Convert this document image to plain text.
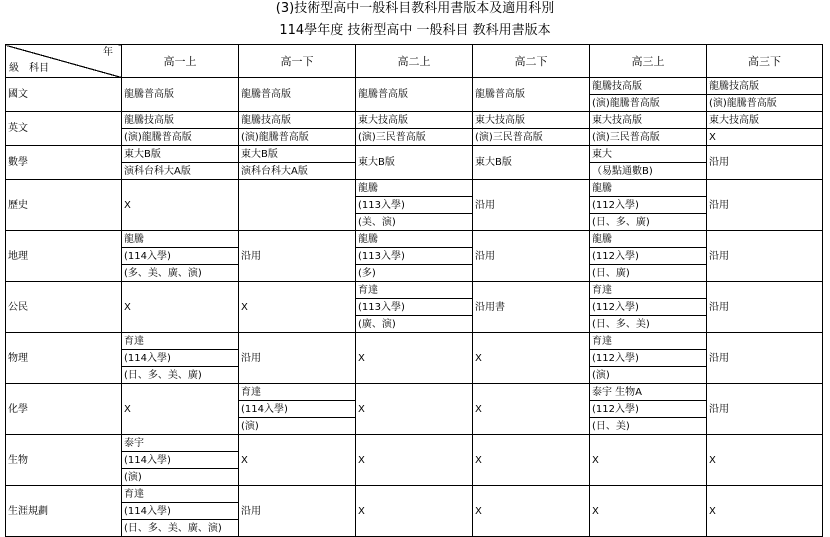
(3)技術型高中一般科目教科用書版本及適用科別
114學年度 技術型高中 一般科目 教科用書版本
年
級　科目	高一上	高一下	高二上	高二下	高三上	高三下
國文	龍騰普高版	龍騰普高版	龍騰普高版	龍騰普高版	龍騰技高版	龍騰技高版
					(演)龍騰普高版	(演)龍騰普高版
英文	龍騰技高版	龍騰技高版	東大技高版	東大技高版	東大技高版	東大技高版
	(演)龍騰普高版	(演)龍騰普高版	(演)三民普高版	(演)三民普高版	(演)三民普高版	X
數學	東大B版	東大B版	東大B版	東大B版	東大	沿用
	演科台科大A版	演科台科大A版			（易點通數B)	
歷史	X		龍騰	沿用	龍騰	沿用
			(113入學)		(112入學)	
			(美、演)		(日、多、廣)	
地理	龍騰	沿用	龍騰	沿用	龍騰	沿用
	(114入學)		(113入學)		(112入學)	
	(多、美、廣、演)		(多)		(日、廣)	
公民	X	X	育達	沿用書	育達	沿用
			(113入學)		(112入學)	
			(廣、演)		(日、多、美)	
物理	育達	沿用	X	X	育達	沿用
	(114入學)				(112入學)	
	(日、多、美、廣)				(演)	
化學	X	育達	X	X	泰宇 生物A	沿用
		(114入學)			(112入學)	
		(演)			(日、美)	
生物	泰宇	X	X	X	X	X
	(114入學)					
	(演)					
生涯規劃	育達	沿用	X	X	X	X
	(114入學)					
	(日、多、美、廣、演)					
